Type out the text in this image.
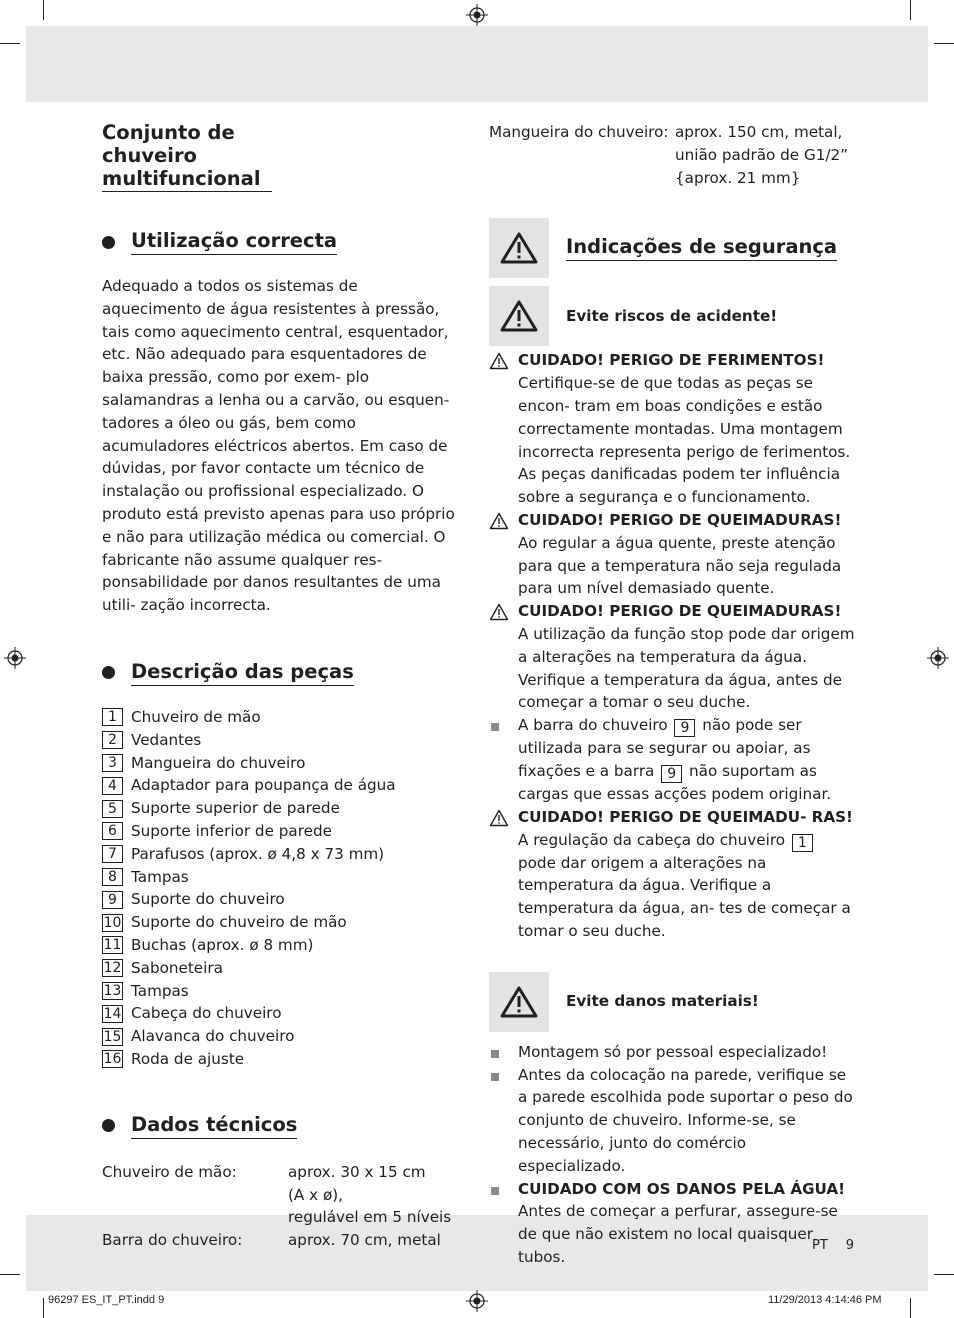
Conjunto de chuveiro multifuncional
Utilização correcta

Adequado a todos os sistemas de aquecimento de água resistentes à pressão, tais como aquecimento central, esquentador, etc. Não adequado para esquentadores de baixa pressão, como por exem- plo salamandras a lenha ou a carvão, ou esquen- tadores a óleo ou gás, bem como acumuladores eléctricos abertos. Em caso de dúvidas, por favor contacte um técnico de instalação ou profissional especializado. O produto está previsto apenas para uso próprio e não para utilização médica ou comercial. O fabricante não assume qualquer res- ponsabilidade por danos resultantes de uma utili- zação incorrecta.

Descrição das peças
1 Chuveiro de mão
2 Vedantes
3 Mangueira do chuveiro
4 Adaptador para poupança de água
5 Suporte superior de parede
6 Suporte inferior de parede
7 Parafusos (aprox. ø 4,8 x 73 mm)
8 Tampas
9 Suporte do chuveiro
10 Suporte do chuveiro de mão
11 Buchas (aprox. ø 8 mm)
12 Saboneteira
13 Tampas
14 Cabeça do chuveiro
15 Alavanca do chuveiro
16 Roda de ajuste
Dados técnicos
Chuveiro de mão:	aprox. 30 x 15 cm
(A x ø),
regulável em 5 níveis
Barra do chuveiro:	aprox. 70 cm, metal
Mangueira do chuveiro: aprox. 150 cm, metal,
união padrão de G1/2”
{aprox. 21 mm}
Indicações de segurança
Evite riscos de acidente!
CUIDADO! PERIGO DE FERIMENTOS!
Certifique-se de que todas as peças se encon- tram em boas condições e estão correctamente montadas. Uma montagem incorrecta representa perigo de ferimentos. As peças danificadas podem ter influência sobre a segurança e o funcionamento.
CUIDADO! PERIGO DE QUEIMADURAS!
Ao regular a água quente, preste atenção para que a temperatura não seja regulada para um nível demasiado quente.
CUIDADO! PERIGO DE QUEIMADURAS!
A utilização da função stop pode dar origem a alterações na temperatura da água. Verifique a temperatura da água, antes de começar a tomar o seu duche.
A barra do chuveiro 9 não pode ser utilizada para se segurar ou apoiar, as fixações e a barra 9 não suportam as cargas que essas acções podem originar.
CUIDADO! PERIGO DE QUEIMADU- RAS! A regulação da cabeça do chuveiro 1 pode dar origem a alterações na temperatura da água. Verifique a temperatura da água, an- tes de começar a tomar o seu duche.
Evite danos materiais!
Montagem só por pessoal especializado!
Antes da colocação na parede, verifique se a parede escolhida pode suportar o peso do conjunto de chuveiro. Informe-se, se necessário, junto do comércio especializado.
CUIDADO COM OS DANOS PELA ÁGUA!
Antes de começar a perfurar, assegure-se de que não existem no local quaisquer tubos.
PT 9
96297 ES_IT_PT.indd 9	11/29/2013 4:14:46 PM
